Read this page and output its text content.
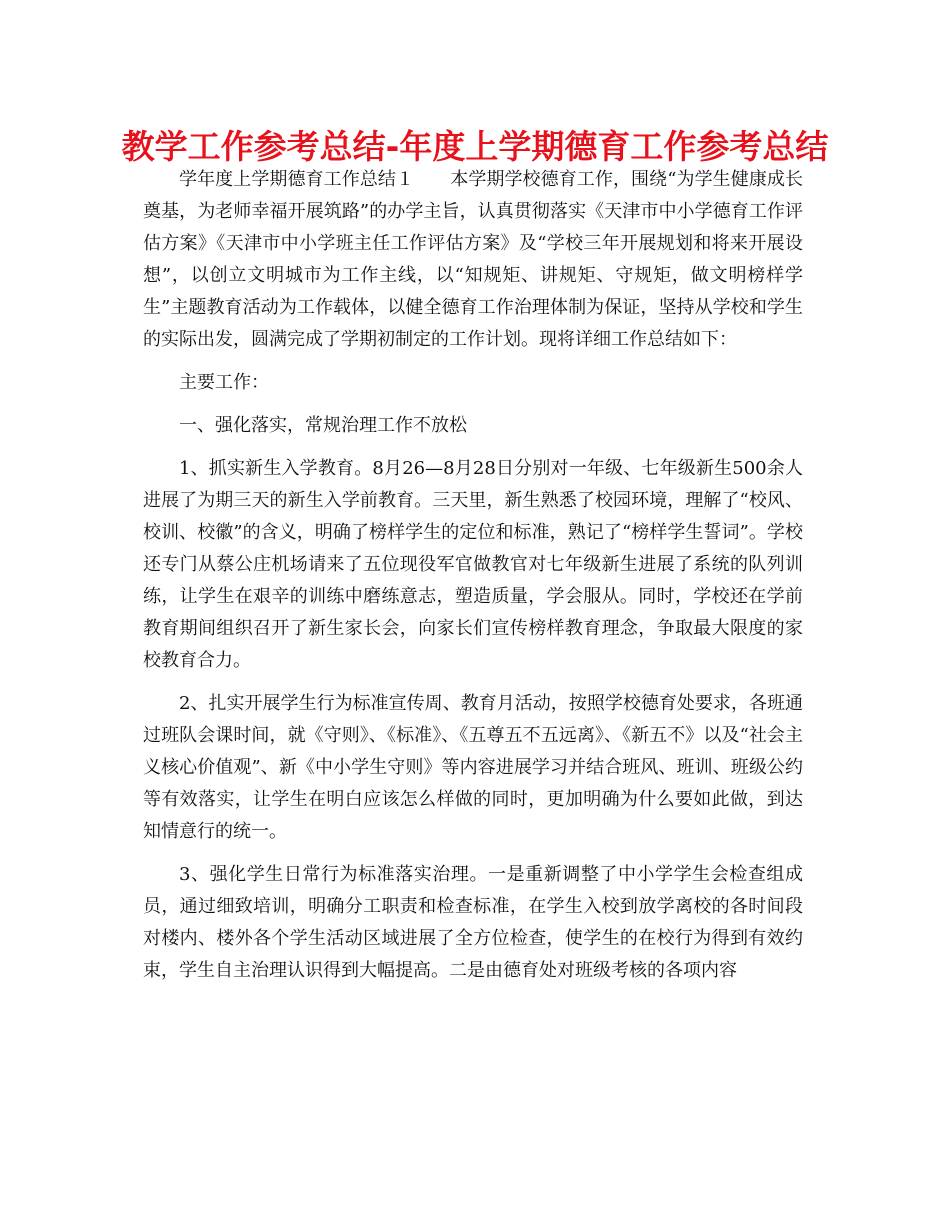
教学工作参考总结-年度上学期德育工作参考总结

学年度上学期德育工作总结１　　本学期学校德育工作，围绕“为学生健康成长奠基，为老师幸福开展筑路”的办学主旨，认真贯彻落实《天津市中小学德育工作评估方案》《天津市中小学班主任工作评估方案》及“学校三年开展规划和将来开展设想”，以创立文明城市为工作主线，以“知规矩、讲规矩、守规矩，做文明榜样学生”主题教育活动为工作载体，以健全德育工作治理体制为保证，坚持从学校和学生的实际出发，圆满完成了学期初制定的工作计划。现将详细工作总结如下：

主要工作：

一、强化落实，常规治理工作不放松

1、抓实新生入学教育。8月26—8月28日分别对一年级、七年级新生500余人进展了为期三天的新生入学前教育。三天里，新生熟悉了校园环境，理解了“校风、校训、校徽”的含义，明确了榜样学生的定位和标准，熟记了“榜样学生誓词”。学校还专门从蔡公庄机场请来了五位现役军官做教官对七年级新生进展了系统的队列训练，让学生在艰辛的训练中磨练意志，塑造质量，学会服从。同时，学校还在学前教育期间组织召开了新生家长会，向家长们宣传榜样教育理念，争取最大限度的家校教育合力。

2、扎实开展学生行为标准宣传周、教育月活动，按照学校德育处要求，各班通过班队会课时间，就《守则》、《标准》、《五尊五不五远离》、《新五不》以及“社会主义核心价值观”、新《中小学生守则》等内容进展学习并结合班风、班训、班级公约等有效落实，让学生在明白应该怎么样做的同时，更加明确为什么要如此做，到达知情意行的统一。

3、强化学生日常行为标准落实治理。一是重新调整了中小学学生会检查组成员，通过细致培训，明确分工职责和检查标准，在学生入校到放学离校的各时间段对楼内、楼外各个学生活动区域进展了全方位检查，使学生的在校行为得到有效约束，学生自主治理认识得到大幅提高。二是由德育处对班级考核的各项内容
